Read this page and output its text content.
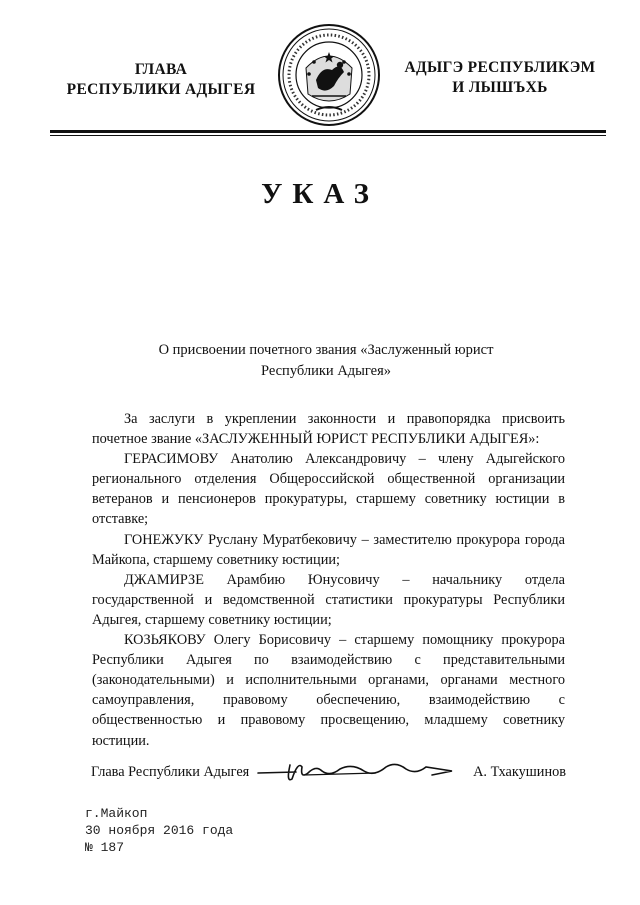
ГЛАВА
РЕСПУБЛИКИ АДЫГЕЯ
АДЫГЭ РЕСПУБЛИКЭМ
И ЛЫШЪХЬ
УКАЗ
О присвоении почетного звания «Заслуженный юрист
Республики Адыгея»

За заслуги в укреплении законности и правопорядка присвоить почетное звание «ЗАСЛУЖЕННЫЙ ЮРИСТ РЕСПУБЛИКИ АДЫГЕЯ»:

ГЕРАСИМОВУ Анатолию Александровичу – члену Адыгейского регионального отделения Общероссийской общественной организации ветеранов и пенсионеров прокуратуры, старшему советнику юстиции в отставке;

ГОНЕЖУКУ Руслану Муратбековичу – заместителю прокурора города Майкопа, старшему советнику юстиции;

ДЖАМИРЗЕ Арамбию Юнусовичу – начальнику отдела государственной и ведомственной статистики прокуратуры Республики Адыгея, старшему советнику юстиции;

КОЗЬЯКОВУ Олегу Борисовичу – старшему помощнику прокурора Республики Адыгея по взаимодействию с представительными (законодательными) и исполнительными органами, органами местного самоуправления, правовому обеспечению, взаимодействию с общественностью и правовому просвещению, младшему советнику юстиции.

Глава Республики Адыгея	А. Тхакушинов
г.Майкоп
30 ноября 2016 года
№ 187
